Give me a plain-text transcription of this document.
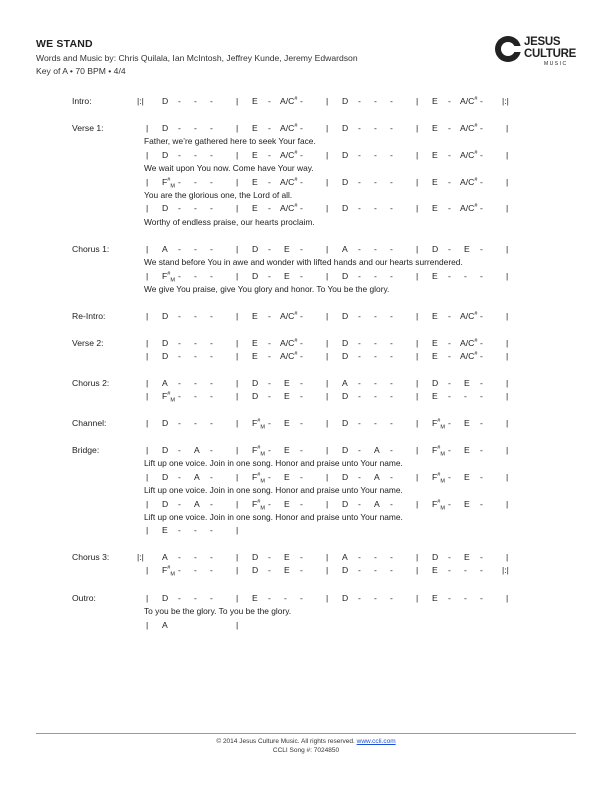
WE STAND
Words and Music by: Chris Quilala, Ian McIntosh, Jeffrey Kunde, Jeremy Edwardson
Key of A • 70 BPM • 4/4
JESUS
CULTURE
MUSIC
Intro:	|:| D - - -	| E - A/C# -	| D - - -	| E - A/C# - |:|
Verse 1:	| D - - -	| E - A/C# -	| D - - -	| E - A/C# -	|
Father, we’re gathered here to seek Your face.
| D - - -	| E - A/C# -	| D - - -	| E - A/C# -	|
We wait upon You now. Come have Your way.
| $F^{\#}_M$ - - -	| E - A/C# -	| D - - -	| E - A/C# -	|
You are the glorious one, the Lord of all.
| D - - -	| E - A/C# -	| D - - -	| E - A/C# -	|
Worthy of endless praise, our hearts proclaim.
Chorus 1:	| A - - -	| D - E -	| A - - -	| D - E -	|
We stand before You in awe and wonder with lifted hands and our hearts surrendered.
| $F^{\#}_M$ - - -	| D - E -	| D - - -	| E - - -	|
We give You praise, give You glory and honor. To You be the glory.
Re-Intro:	| D - - -	| E - A/C# -	| D - - -	| E - A/C# -	|
Verse 2:	| D - - -	| E - A/C# -	| D - - -	| E - A/C# -	|
| D - - -	| E - A/C# -	| D - - -	| E - A/C# -	|
Chorus 2:	| A - - -	| D - E -	| A - - -	| D - E -	|
| $F^{\#}_M$ - - -	| D - E -	| D - - -	| E - - -	|
Channel:	| D - - -	| $F^{\#}_M$ - E -	| D - - -	| $F^{\#}_M$ - E -	|
Bridge:	| D - A -	| $F^{\#}_M$ - E -	| D - A -	| $F^{\#}_M$ - E -	|
Lift up one voice. Join in one song. Honor and praise unto Your name.
| D - A -	| $F^{\#}_M$ - E -	| D - A -	| $F^{\#}_M$ - E -	|
Lift up one voice. Join in one song. Honor and praise unto Your name.
| D - A -	| $F^{\#}_M$ - E -	| D - A -	| $F^{\#}_M$ - E -	|
Lift up one voice. Join in one song. Honor and praise unto Your name.
| E - - -	|
Chorus 3:	|:| A - - -	| D - E -	| A - - -	| D - E -	|
| $F^{\#}_M$ - - -	| D - E -	| D - - -	| E - - - |:|
Outro:	| D - - -	| E - - -	| D - - -	| E - - -	|
To you be the glory. To you be the glory.
| A	|
© 2014 Jesus Culture Music. All rights reserved. www.ccli.com
CCLI Song #: 7024850
